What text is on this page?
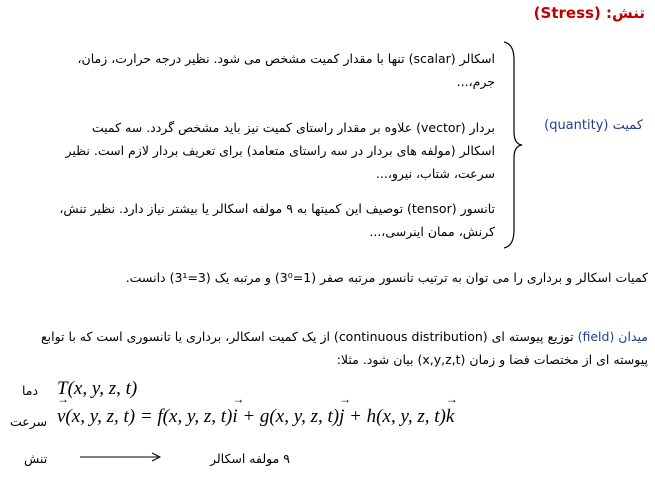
تنش: (Stress)
اسکالر (scalar) تنها با مقدار کمیت مشخص می شود. نظیر درجه حرارت، زمان، جرم،...
بردار (vector) علاوه بر مقدار راستای کمیت نیز باید مشخص گردد. سه کمیت اسکالر (مولفه های بردار در سه راستای متعامد) برای تعریف بردار لازم است. نظیر سرعت، شتاب، نیرو،...
تانسور (tensor) توصیف این کمیتها به ۹ مولفه اسکالر یا بیشتر نیاز دارد. نظیر تنش، کرنش، ممان اینرسی،...
کمیت (quantity)
کمیات اسکالر و برداری را می توان به ترتیب تانسور مرتبه صفر (1=3⁰) و مرتبه یک (3=3¹) دانست.
میدان (field) توزیع پیوسته ای (continuous distribution) از یک کمیت اسکالر، برداری یا تانسوری است که با توابع پیوسته ای از مختصات فضا و زمان (x,y,z,t) بیان شود. مثلا:
T(x, y, z, t)
دما
سرعت
→ v(x, y, z, t) = f(x, y, z, t)→ i + g(x, y, z, t)→ j + h(x, y, z, t)→ k
تنش	۹ مولفه اسکالر
